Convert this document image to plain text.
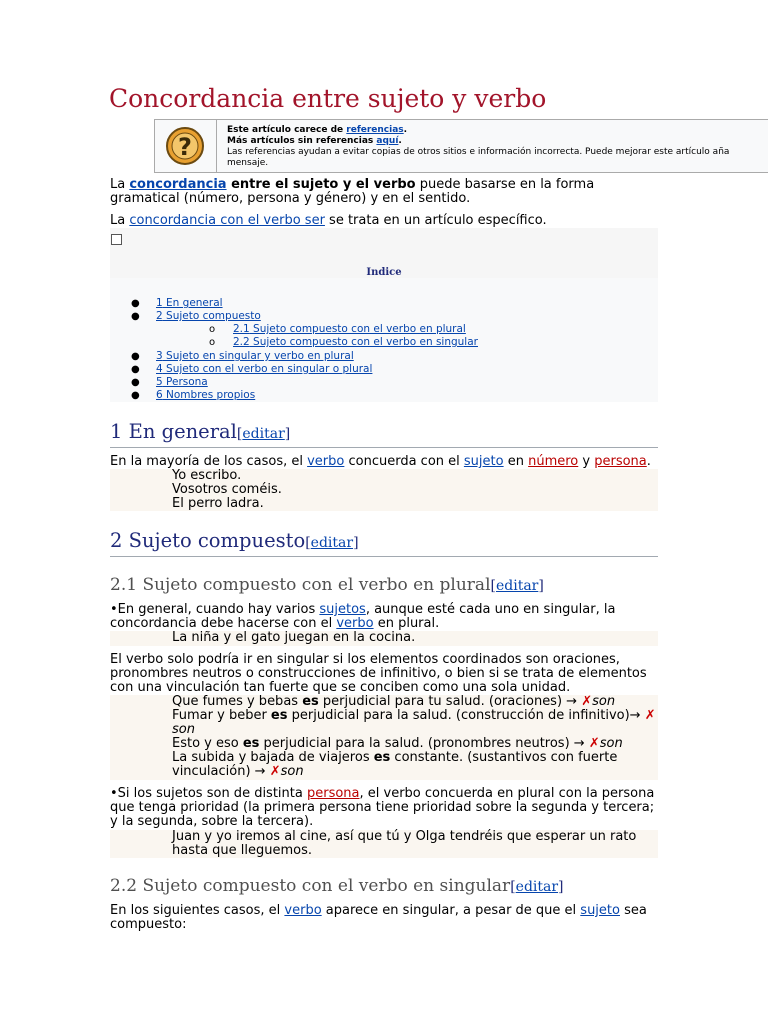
Concordancia entre sujeto y verbo
?
Este artículo carece de referencias.
Más artículos sin referencias aquí.
Las referencias ayudan a evitar copias de otros sitios e información incorrecta. Puede mejorar este artículo aña
mensaje.
La concordancia entre el sujeto y el verbo puede basarse en la forma gramatical (número, persona y género) y en el sentido.
La concordancia con el verbo ser se trata en un artículo específico.
Indice
● 1 En general
● 2 Sujeto compuesto
o 2.1 Sujeto compuesto con el verbo en plural
o 2.2 Sujeto compuesto con el verbo en singular
● 3 Sujeto en singular y verbo en plural
● 4 Sujeto con el verbo en singular o plural
● 5 Persona
● 6 Nombres propios
1 En general[editar]
En la mayoría de los casos, el verbo concuerda con el sujeto en número y persona.
Yo escribo.
Vosotros coméis.
El perro ladra.
2 Sujeto compuesto[editar]
2.1 Sujeto compuesto con el verbo en plural[editar]
•En general, cuando hay varios sujetos, aunque esté cada uno en singular, la concordancia debe hacerse con el verbo en plural.
La niña y el gato juegan en la cocina.
El verbo solo podría ir en singular si los elementos coordinados son oraciones, pronombres neutros o construcciones de infinitivo, o bien si se trata de elementos con una vinculación tan fuerte que se conciben como una sola unidad.
Que fumes y bebas es perjudicial para tu salud. (oraciones) → ✗son
Fumar y beber es perjudicial para la salud. (construcción de infinitivo)→ ✗ son
Esto y eso es perjudicial para la salud. (pronombres neutros) → ✗son
La subida y bajada de viajeros es constante. (sustantivos con fuerte vinculación) → ✗son
•Si los sujetos son de distinta persona, el verbo concuerda en plural con la persona que tenga prioridad (la primera persona tiene prioridad sobre la segunda y tercera; y la segunda, sobre la tercera).
Juan y yo iremos al cine, así que tú y Olga tendréis que esperar un rato hasta que lleguemos.
2.2 Sujeto compuesto con el verbo en singular[editar]
En los siguientes casos, el verbo aparece en singular, a pesar de que el sujeto sea compuesto:
